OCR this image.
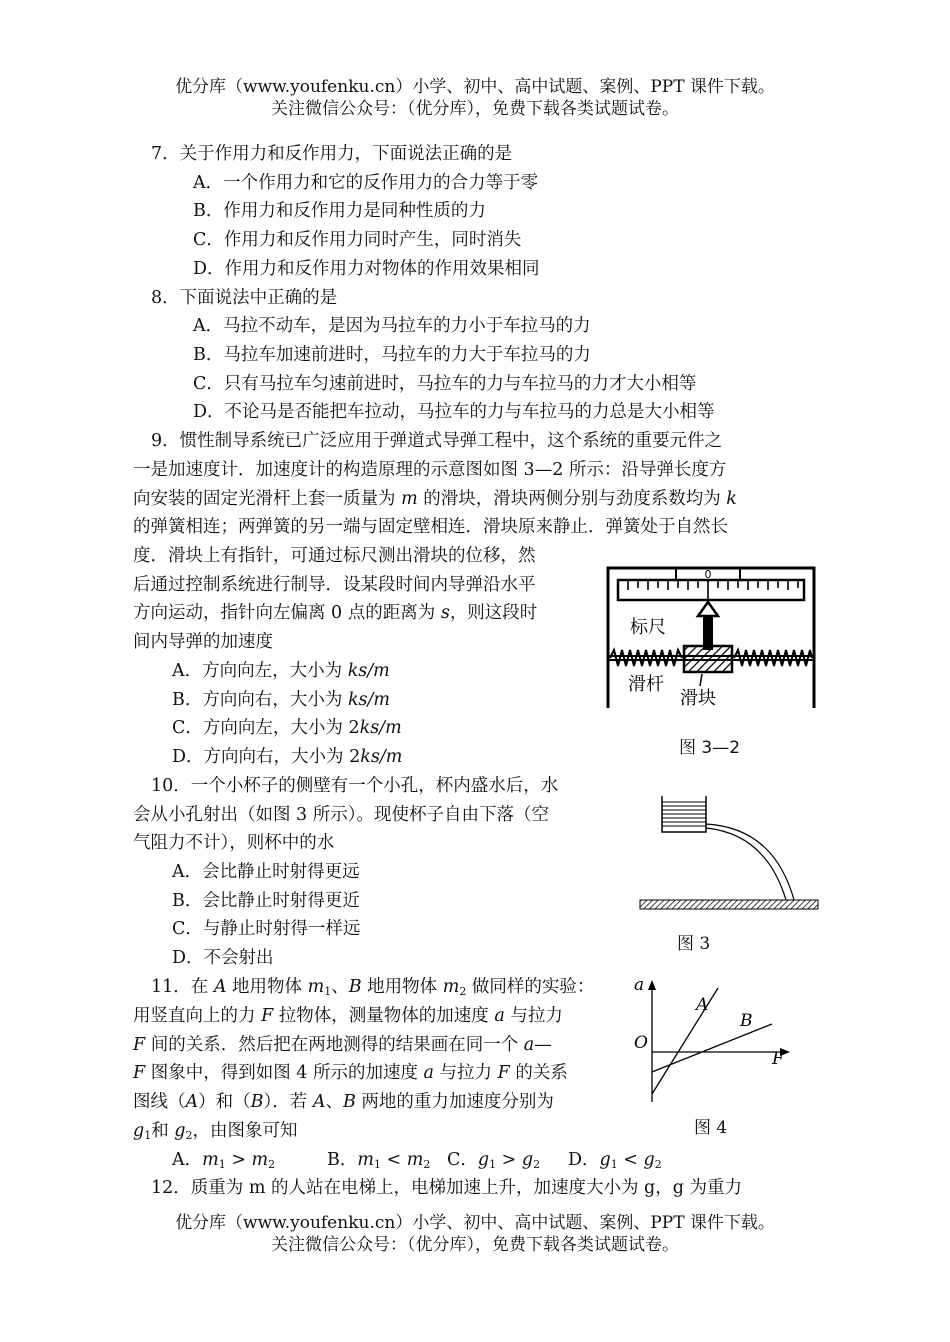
优分库（www.youfenku.cn）小学、初中、高中试题、案例、PPT 课件下载。
关注微信公众号：（优分库），免费下载各类试题试卷。
7．关于作用力和反作用力，下面说法正确的是
A．一个作用力和它的反作用力的合力等于零
B．作用力和反作用力是同种性质的力
C．作用力和反作用力同时产生，同时消失
D．作用力和反作用力对物体的作用效果相同
8．下面说法中正确的是
A．马拉不动车，是因为马拉车的力小于车拉马的力
B．马拉车加速前进时，马拉车的力大于车拉马的力
C．只有马拉车匀速前进时，马拉车的力与车拉马的力才大小相等
D．不论马是否能把车拉动，马拉车的力与车拉马的力总是大小相等
9．惯性制导系统已广泛应用于弹道式导弹工程中，这个系统的重要元件之
一是加速度计．加速度计的构造原理的示意图如图 3—2 所示：沿导弹长度方
向安装的固定光滑杆上套一质量为 m 的滑块，滑块两侧分别与劲度系数均为 k
的弹簧相连；两弹簧的另一端与固定壁相连．滑块原来静止．弹簧处于自然长
度．滑块上有指针，可通过标尺测出滑块的位移，然
后通过控制系统进行制导．设某段时间内导弹沿水平
方向运动，指针向左偏离 0 点的距离为 s，则这段时
间内导弹的加速度
A．方向向左，大小为 ks/m
B．方向向右，大小为 ks/m
C．方向向左，大小为 2ks/m
D．方向向右，大小为 2ks/m
0
标尺
滑杆
滑块
图 3—2
10．一个小杯子的侧壁有一个小孔，杯内盛水后，水
会从小孔射出（如图 3 所示）。现使杯子自由下落（空
气阻力不计），则杯中的水
A．会比静止时射得更远
B．会比静止时射得更近
C．与静止时射得一样远
D．不会射出
图 3
11．在 A 地用物体 $m_1$、B 地用物体 $m_2$ 做同样的实验：
用竖直向上的力 F 拉物体，测量物体的加速度 a 与拉力
F 间的关系．然后把在两地测得的结果画在同一个 a—
F 图象中，得到如图 4 所示的加速度 a 与拉力 F 的关系
图线（A）和（B）．若 A、B 两地的重力加速度分别为
$g_1$和 $g_2$，由图象可知
A．$m_1 > m_2$	B．$m_1 < m_2$ C．$g_1 > g_2$ D．$g_1 < g_2$
a
O
F
A
B
图 4
12．质重为 m 的人站在电梯上，电梯加速上升，加速度大小为 g，g 为重力
优分库（www.youfenku.cn）小学、初中、高中试题、案例、PPT 课件下载。
关注微信公众号：（优分库），免费下载各类试题试卷。
